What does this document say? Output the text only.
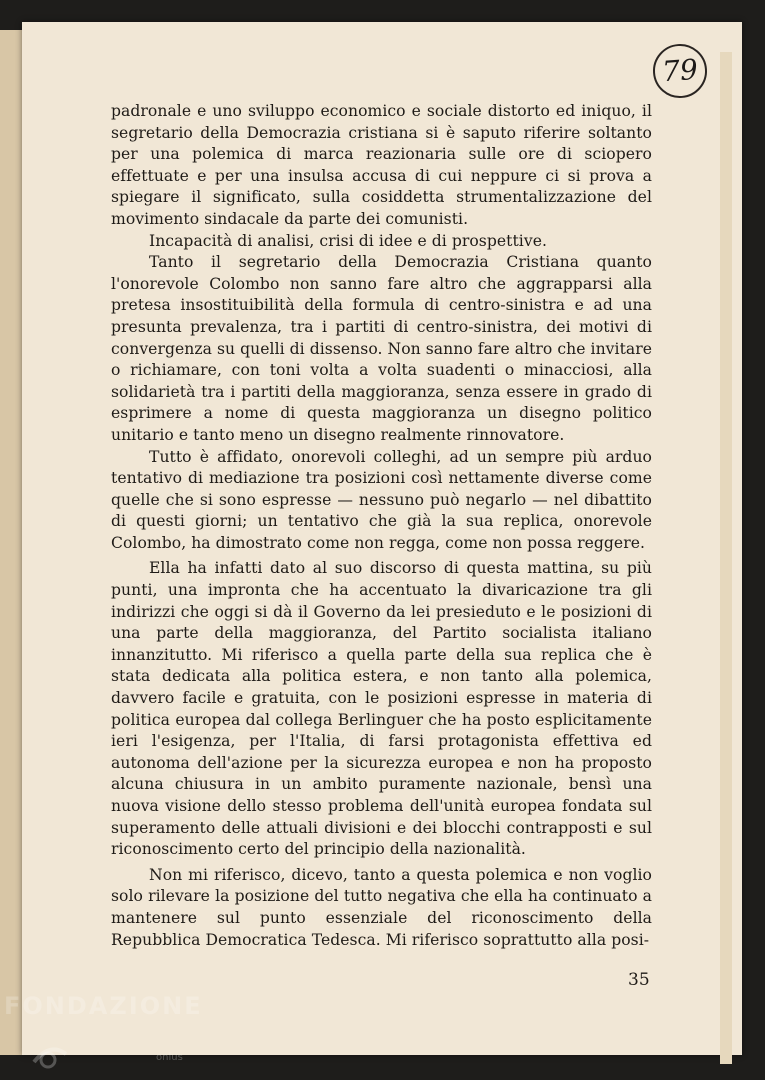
79

padronale e uno sviluppo economico e sociale distorto ed iniquo, il segretario della Democrazia cristiana si è saputo riferire soltanto per una polemica di marca reazionaria sulle ore di sciopero effettuate e per una insulsa accusa di cui neppure ci si prova a spiegare il significato, sulla cosiddetta strumentalizzazione del movimento sindacale da parte dei comunisti.

Incapacità di analisi, crisi di idee e di prospettive.

Tanto il segretario della Democrazia Cristiana quanto l'onorevole Colombo non sanno fare altro che aggrapparsi alla pretesa insostituibilità della formula di centro-sinistra e ad una presunta prevalenza, tra i partiti di centro-sinistra, dei motivi di convergenza su quelli di dissenso. Non sanno fare altro che invitare o richiamare, con toni volta a volta suadenti o minacciosi, alla solidarietà tra i partiti della maggioranza, senza essere in grado di esprimere a nome di questa maggioranza un disegno politico unitario e tanto meno un disegno realmente rinnovatore.

Tutto è affidato, onorevoli colleghi, ad un sempre più arduo tentativo di mediazione tra posizioni così nettamente diverse come quelle che si sono espresse — nessuno può negarlo — nel dibattito di questi giorni; un tentativo che già la sua replica, onorevole Colombo, ha dimostrato come non regga, come non possa reggere.

Ella ha infatti dato al suo discorso di questa mattina, su più punti, una impronta che ha accentuato la divaricazione tra gli indirizzi che oggi si dà il Governo da lei presieduto e le posizioni di una parte della maggioranza, del Partito socialista italiano innanzitutto. Mi riferisco a quella parte della sua replica che è stata dedicata alla politica estera, e non tanto alla polemica, davvero facile e gratuita, con le posizioni espresse in materia di politica europea dal collega Berlinguer che ha posto esplicitamente ieri l'esigenza, per l'Italia, di farsi protagonista effettiva ed autonoma dell'azione per la sicurezza europea e non ha proposto alcuna chiusura in un ambito puramente nazionale, bensì una nuova visione dello stesso problema dell'unità europea fondata sul superamento delle attuali divisioni e dei blocchi contrapposti e sul riconoscimento certo del principio della nazionalità.

Non mi riferisco, dicevo, tanto a questa polemica e non voglio solo rilevare la posizione del tutto negativa che ella ha continuato a mantenere sul punto essenziale del riconoscimento della Repubblica Democratica Tedesca. Mi riferisco soprattutto alla posi-

35
FONDAZIONE
onlus
